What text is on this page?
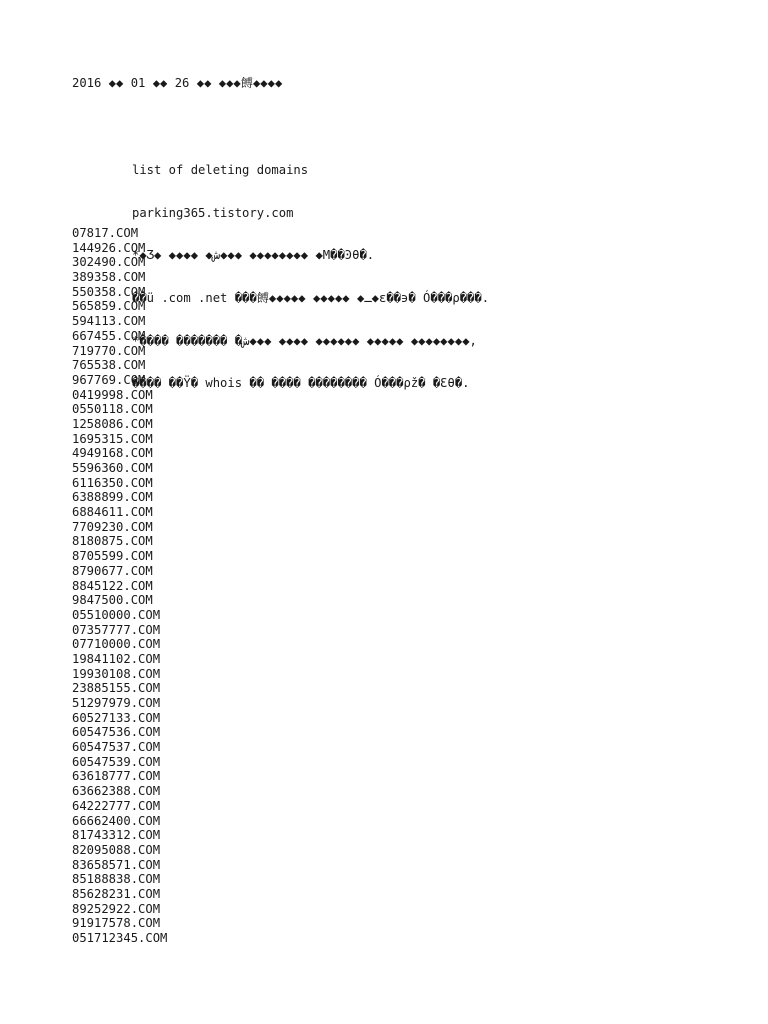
2016 ◆◆ 01 ◆◆ 26 ◆◆ ◆◆◆餺◆◆◆◆

list of deleting domains

parking365.tistory.com

*◆Ʒ◆ ◆◆◆◆ ◆ش◆◆◆ ◆◆◆◆◆◆◆◆ ◆M��Ͽθ�.

��ü .com .net ���餺◆◆◆◆◆ ◆◆◆◆◆ ◆ـ◆ε��϶� Ó���ρ���.

*���� ������� �ش◆◆◆ ◆◆◆◆ ◆◆◆◆◆◆ ◆◆◆◆◆ ◆◆◆◆◆◆◆◆,

���� ��Ÿ� whois �� ���� �������� Ó���ρž� �Ԑθ�.

07817.COM
144926.COM
302490.COM
389358.COM
550358.COM
565859.COM
594113.COM
667455.COM
719770.COM
765538.COM
967769.COM
0419998.COM
0550118.COM
1258086.COM
1695315.COM
4949168.COM
5596360.COM
6116350.COM
6388899.COM
6884611.COM
7709230.COM
8180875.COM
8705599.COM
8790677.COM
8845122.COM
9847500.COM
05510000.COM
07357777.COM
07710000.COM
19841102.COM
19930108.COM
23885155.COM
51297979.COM
60527133.COM
60547536.COM
60547537.COM
60547539.COM
63618777.COM
63662388.COM
64222777.COM
66662400.COM
81743312.COM
82095088.COM
83658571.COM
85188838.COM
85628231.COM
89252922.COM
91917578.COM
051712345.COM
